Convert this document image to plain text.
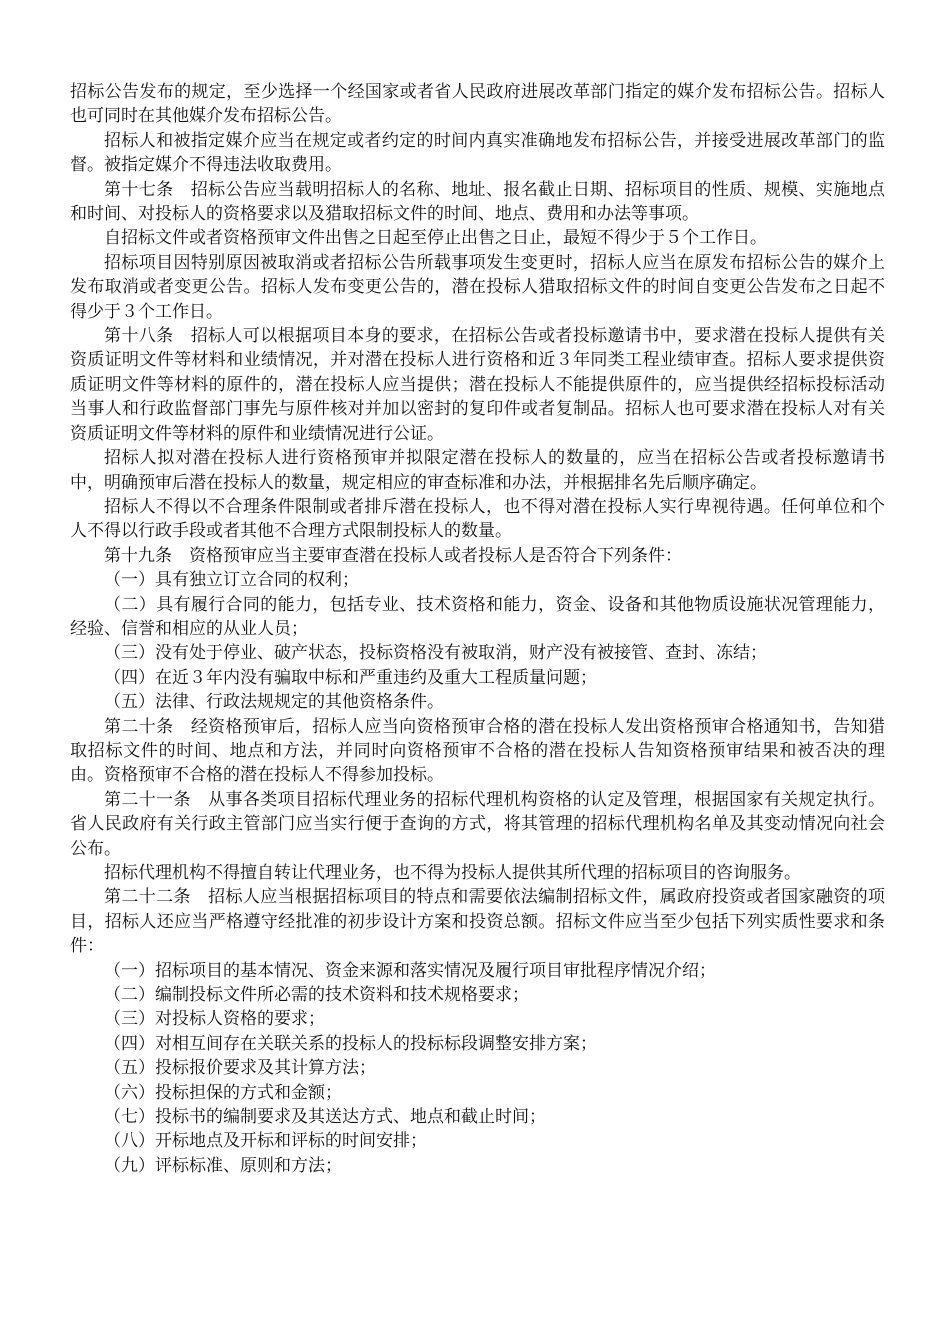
招标公告发布的规定，至少选择一个经国家或者省人民政府进展改革部门指定的媒介发布招标公告。招标人也可同时在其他媒介发布招标公告。

招标人和被指定媒介应当在规定或者约定的时间内真实准确地发布招标公告，并接受进展改革部门的监督。被指定媒介不得违法收取费用。

第十七条　招标公告应当载明招标人的名称、地址、报名截止日期、招标项目的性质、规模、实施地点和时间、对投标人的资格要求以及猎取招标文件的时间、地点、费用和办法等事项。

自招标文件或者资格预审文件出售之日起至停止出售之日止，最短不得少于５个工作日。

招标项目因特别原因被取消或者招标公告所载事项发生变更时，招标人应当在原发布招标公告的媒介上发布取消或者变更公告。招标人发布变更公告的，潜在投标人猎取招标文件的时间自变更公告发布之日起不得少于３个工作日。

第十八条　招标人可以根据项目本身的要求，在招标公告或者投标邀请书中，要求潜在投标人提供有关资质证明文件等材料和业绩情况，并对潜在投标人进行资格和近３年同类工程业绩审查。招标人要求提供资质证明文件等材料的原件的，潜在投标人应当提供；潜在投标人不能提供原件的，应当提供经招标投标活动当事人和行政监督部门事先与原件核对并加以密封的复印件或者复制品。招标人也可要求潜在投标人对有关资质证明文件等材料的原件和业绩情况进行公证。

招标人拟对潜在投标人进行资格预审并拟限定潜在投标人的数量的，应当在招标公告或者投标邀请书中，明确预审后潜在投标人的数量，规定相应的审查标准和办法，并根据排名先后顺序确定。

招标人不得以不合理条件限制或者排斥潜在投标人，也不得对潜在投标人实行卑视待遇。任何单位和个人不得以行政手段或者其他不合理方式限制投标人的数量。

第十九条　资格预审应当主要审查潜在投标人或者投标人是否符合下列条件：

（一）具有独立订立合同的权利；

（二）具有履行合同的能力，包括专业、技术资格和能力，资金、设备和其他物质设施状况管理能力，经验、信誉和相应的从业人员；

（三）没有处于停业、破产状态，投标资格没有被取消，财产没有被接管、查封、冻结；

（四）在近３年内没有骗取中标和严重违约及重大工程质量问题；

（五）法律、行政法规规定的其他资格条件。

第二十条　经资格预审后，招标人应当向资格预审合格的潜在投标人发出资格预审合格通知书，告知猎取招标文件的时间、地点和方法，并同时向资格预审不合格的潜在投标人告知资格预审结果和被否决的理由。资格预审不合格的潜在投标人不得参加投标。

第二十一条　从事各类项目招标代理业务的招标代理机构资格的认定及管理，根据国家有关规定执行。省人民政府有关行政主管部门应当实行便于查询的方式，将其管理的招标代理机构名单及其变动情况向社会公布。

招标代理机构不得擅自转让代理业务，也不得为投标人提供其所代理的招标项目的咨询服务。

第二十二条　招标人应当根据招标项目的特点和需要依法编制招标文件，属政府投资或者国家融资的项目，招标人还应当严格遵守经批准的初步设计方案和投资总额。招标文件应当至少包括下列实质性要求和条件：

（一）招标项目的基本情况、资金来源和落实情况及履行项目审批程序情况介绍；

（二）编制投标文件所必需的技术资料和技术规格要求；

（三）对投标人资格的要求；

（四）对相互间存在关联关系的投标人的投标标段调整安排方案；

（五）投标报价要求及其计算方法；

（六）投标担保的方式和金额；

（七）投标书的编制要求及其送达方式、地点和截止时间；

（八）开标地点及开标和评标的时间安排；

（九）评标标准、原则和方法；
